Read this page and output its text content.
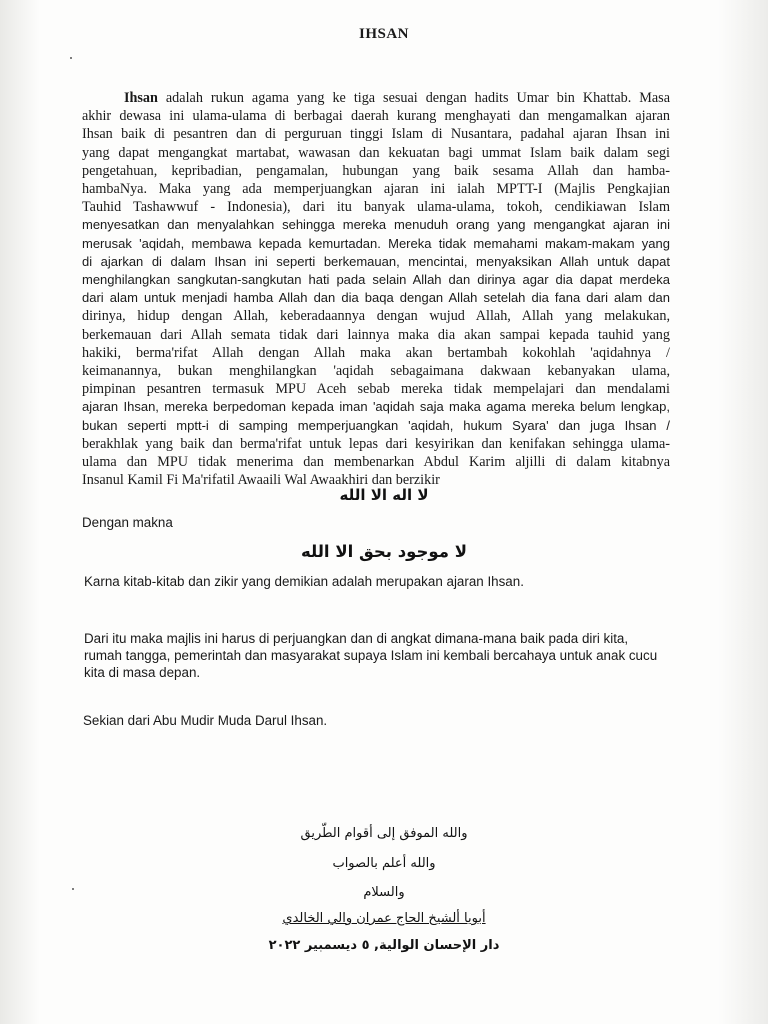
IHSAN
Ihsan adalah rukun agama yang ke tiga sesuai dengan hadits Umar bin Khattab. Masa
akhir dewasa ini ulama-ulama di berbagai daerah kurang menghayati dan mengamalkan ajaran
Ihsan baik di pesantren dan di perguruan tinggi Islam di Nusantara, padahal ajaran Ihsan ini
yang dapat mengangkat martabat, wawasan dan kekuatan bagi ummat Islam baik dalam segi
pengetahuan, kepribadian, pengamalan, hubungan yang baik sesama Allah dan hamba-
hambaNya. Maka yang ada memperjuangkan ajaran ini ialah MPTT-I (Majlis Pengkajian
Tauhid Tashawwuf - Indonesia), dari itu banyak ulama-ulama, tokoh, cendikiawan Islam
menyesatkan dan menyalahkan sehingga mereka menuduh orang yang mengangkat ajaran ini
merusak 'aqidah, membawa kepada kemurtadan. Mereka tidak memahami makam-makam yang
di ajarkan di dalam Ihsan ini seperti berkemauan, mencintai, menyaksikan Allah untuk dapat
menghilangkan sangkutan-sangkutan hati pada selain Allah dan dirinya agar dia dapat merdeka
dari alam untuk menjadi hamba Allah dan dia baqa dengan Allah setelah dia fana dari alam dan
dirinya, hidup dengan Allah, keberadaannya dengan wujud Allah, Allah yang melakukan,
berkemauan dari Allah semata tidak dari lainnya maka dia akan sampai kepada tauhid yang
hakiki, berma'rifat Allah dengan Allah maka akan bertambah kokohlah 'aqidahnya /
keimanannya, bukan menghilangkan 'aqidah sebagaimana dakwaan kebanyakan ulama,
pimpinan pesantren termasuk MPU Aceh sebab mereka tidak mempelajari dan mendalami
ajaran Ihsan, mereka berpedoman kepada iman 'aqidah saja maka agama mereka belum lengkap,
bukan seperti mptt-i di samping memperjuangkan 'aqidah, hukum Syara' dan juga Ihsan /
berakhlak yang baik dan berma'rifat untuk lepas dari kesyirikan dan kenifakan sehingga ulama-
ulama dan MPU tidak menerima dan membenarkan Abdul Karim aljilli di dalam kitabnya
Insanul Kamil Fi Ma'rifatil Awaaili Wal Awaakhiri dan berzikir
لا اله الا الله
Dengan makna
لا موجود بحق الا الله
Karna kitab-kitab dan zikir yang demikian adalah merupakan ajaran Ihsan.
Dari itu maka majlis ini harus di perjuangkan dan di angkat dimana-mana baik pada diri kita,
rumah tangga, pemerintah dan masyarakat supaya Islam ini kembali bercahaya untuk anak cucu
kita di masa depan.
Sekian dari Abu Mudir Muda Darul Ihsan.
والله الموفق إلى أقوام الطّريق
والله أعلم بالصواب
والسلام
أبويا ألشيخ الحاج عمران والي الخالدي
دار الإحسان الوالية, ٥ ديسمبير ٢٠٢٢
